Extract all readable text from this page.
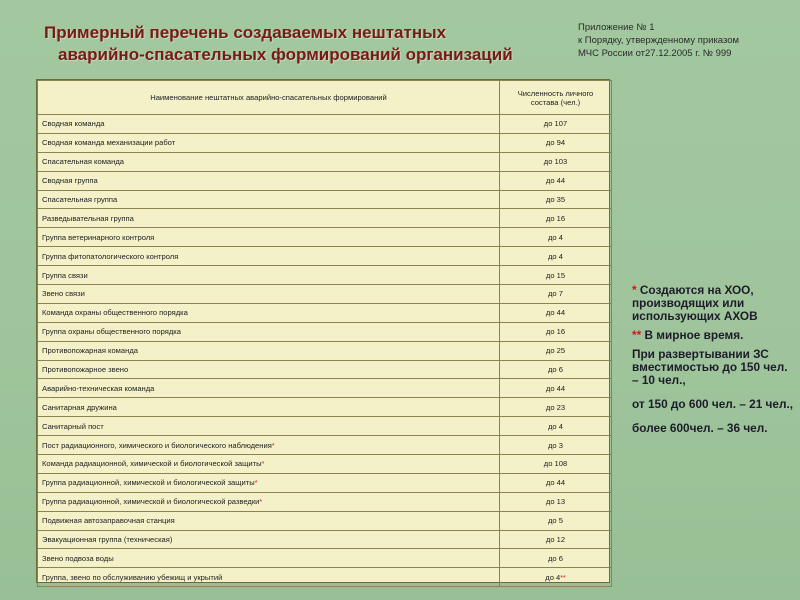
Примерный перечень создаваемых нештатных
аварийно-спасательных формирований организаций
Приложение № 1
к Порядку, утвержденному приказом
МЧС России от27.12.2005 г. № 999
Наименование нештатных аварийно-спасательных формирований	Численность личного состава (чел.)
Сводная команда	до 107
Сводная команда механизации работ	до 94
Спасательная команда	до 103
Сводная группа	до 44
Спасательная группа	до 35
Разведывательная группа	до 16
Группа ветеринарного контроля	до 4
Группа фитопатологического контроля	до 4
Группа связи	до 15
Звено связи	до 7
Команда охраны общественного порядка	до 44
Группа охраны общественного порядка	до 16
Противопожарная команда	до 25
Противопожарное звено	до 6
Аварийно-техническая команда	до 44
Санитарная дружина	до 23
Санитарный пост	до 4
Пост радиационного, химического и биологического наблюдения*	до 3
Команда радиационной, химической и биологической защиты*	до 108
Группа радиационной, химической и биологической защиты*	до 44
Группа радиационной, химической и биологической разведки*	до 13
Подвижная автозаправочная станция	до 5
Эвакуационная группа (техническая)	до 12
Звено подвоза воды	до 6
Группа, звено по обслуживанию убежищ и укрытий	до 4**

* Создаются на ХОО, производящих или использующих АХОВ

** В мирное время.

При развертывании ЗС вместимостью до 150 чел. – 10 чел.,

от 150 до 600 чел. – 21 чел.,

более 600чел. – 36 чел.
